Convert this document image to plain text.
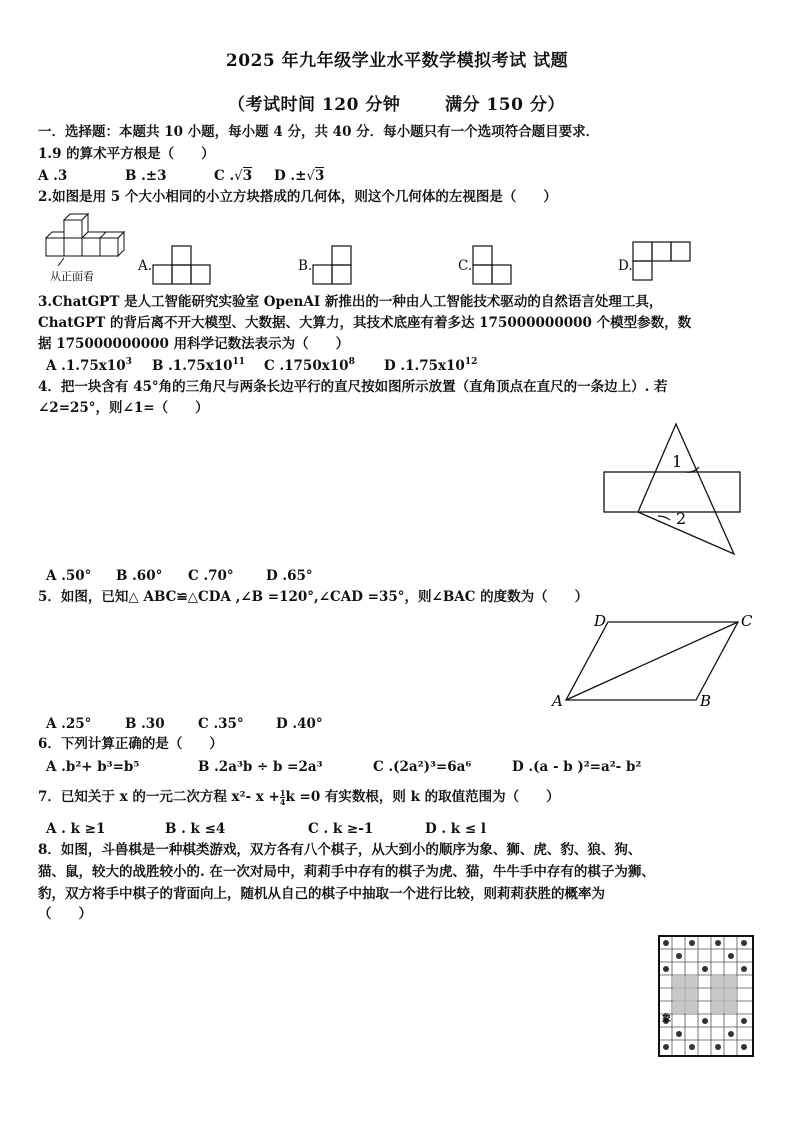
2025 年九年级学业水平数学模拟考试 试题
（考试时间 120 分钟	满分 150 分）
一．选择题：本题共 10 小题，每小题 4 分，共 40 分．每小题只有一个选项符合题目要求．
1.9 的算术平方根是（　　）
A .3	B .±3	C .√3 D .±√3
2.如图是用 5 个大小相同的小立方块搭成的几何体，则这个几何体的左视图是（　　）
从正面看
A.	B.	C.	D.
3.ChatGPT 是人工智能研究实验室 OpenAI 新推出的一种由人工智能技术驱动的自然语言处理工具，
ChatGPT 的背后离不开大模型、大数据、大算力，其技术底座有着多达 175000000000 个模型参数，数
据 175000000000 用科学记数法表示为（　　）
A $.1.75x10^3$ B $.1.75x10^{11}$ C $.1750x10^8$ D $.1.75x10^{12}$
4．把一块含有 45°角的三角尺与两条长边平行的直尺按如图所示放置（直角顶点在直尺的一条边上）. 若
∠2=25°，则∠1=（　　）
1
2
A .50° B .60° C .70° D .65°
5．如图，已知△ ABC≌△CDA ,∠B =120°,∠CAD =35°，则∠BAC 的度数为（　　）
A	B
C
D
A .25° B .30 C .35° D .40°
6．下列计算正确的是（　　）
A .b²+ b³=b⁵	B .2a³b ÷ b =2a³	C .(2a²)³=6a⁶	D .(a - b )²=a²- b²
7．已知关于 x 的一元二次方程 x²- $x + \frac{1}{4}$ k =0 有实数根，则 k 的取值范围为（　　）
A . k ≥1	B . k ≤4	C . k ≥-1	D . k ≤ l
8．如图，斗兽棋是一种棋类游戏，双方各有八个棋子，从大到小的顺序为象、狮、虎、豹、狼、狗、
猫、鼠，较大的战胜较小的. 在一次对局中，莉莉手中存有的棋子为虎、猫，牛牛手中存有的棋子为狮、
豹，双方将手中棋子的背面向上，随机从自己的棋子中抽取一个进行比较，则莉莉获胜的概率为
（　　）
象
